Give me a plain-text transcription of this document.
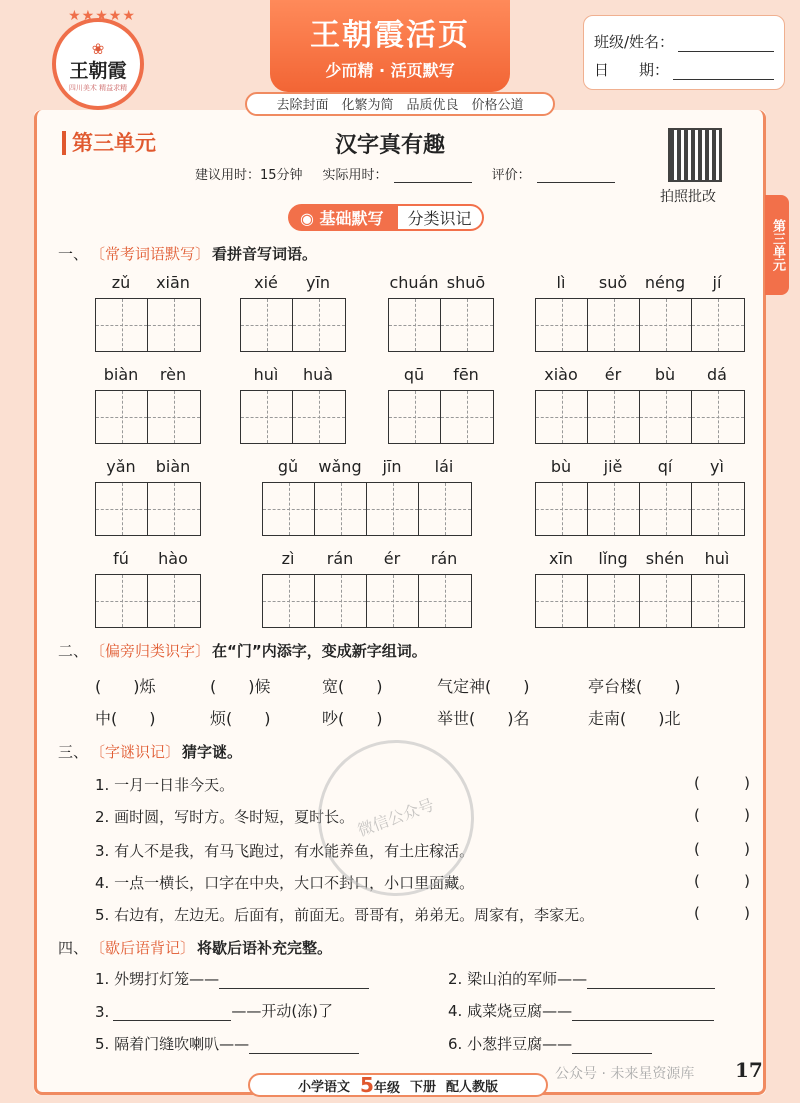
★★★★★
❀
王朝霞
四川美术 精益求精
王朝霞活页
少而精 · 活页默写
班级/姓名：
日　　期：
去除封面　化繁为简　品质优良　价格公道
第三单元	汉字真有趣
建议用时：15分钟 实际用时：	评价：
拍照批改
第三单元
◉ 基础默写	分类识记
一、 〔常考词语默写〕 看拼音写词语。
zǔ	xiān	xié	yīn	chuán shuō	lì	suǒ	néng	jí
biàn	rèn	huì	huà	qū	fēn	xiào	ér	bù	dá
yǎn	biàn	gǔ	wǎng	jīn	lái	bù	jiě	qí	yì
fú	hào	zì	rán	ér	rán	xīn	lǐng	shén	huì
二、 〔偏旁归类识字〕 在“门”内添字，变成新字组词。
(　　)烁	(　　)候	宽(　　)	气定神(　　)	亭台楼(　　)
中(　　)	烦(　　)	吵(　　)	举世(　　)名	走南(　　)北
三、 〔字谜识记〕 猜字谜。
1. 一月一日非今天。	(	)
2. 画时圆，写时方。冬时短，夏时长。	(	)
3. 有人不是我，有马飞跑过，有水能养鱼，有土庄稼活。	(	)
4. 一点一横长，口字在中央，大口不封口，小口里面藏。	(	)
5. 右边有，左边无。后面有，前面无。哥哥有，弟弟无。周家有，李家无。	(	)
四、 〔歇后语背记〕 将歇后语补充完整。
1. 外甥打灯笼——	2. 梁山泊的军师——
3.	——开动(冻)了	4. 咸菜烧豆腐——
5. 隔着门缝吹喇叭——	6. 小葱拌豆腐——
微信公众号
公众号 · 未来星资源库
小学语文 5年级 下册 配人教版
17
